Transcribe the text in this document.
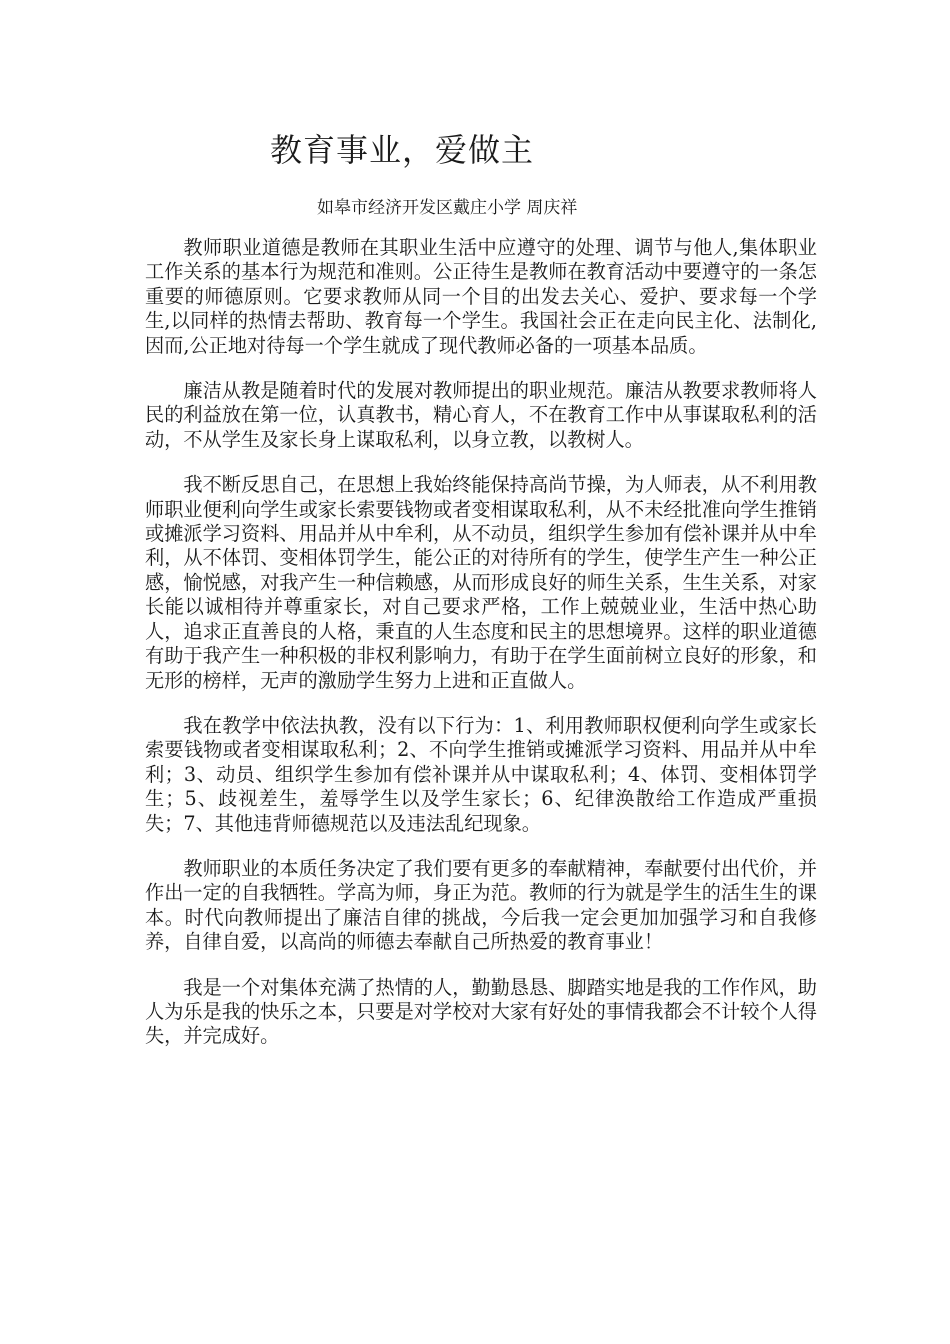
教育事业，爱做主

如皋市经济开发区戴庄小学 周庆祥

教师职业道德是教师在其职业生活中应遵守的处理、调节与他人,集体职业工作关系的基本行为规范和准则。公正待生是教师在教育活动中要遵守的一条怎重要的师德原则。它要求教师从同一个目的出发去关心、爱护、要求每一个学生,以同样的热情去帮助、教育每一个学生。我国社会正在走向民主化、法制化,因而,公正地对待每一个学生就成了现代教师必备的一项基本品质。

廉洁从教是随着时代的发展对教师提出的职业规范。廉洁从教要求教师将人民的利益放在第一位，认真教书，精心育人，不在教育工作中从事谋取私利的活动，不从学生及家长身上谋取私利，以身立教，以教树人。

我不断反思自己，在思想上我始终能保持高尚节操，为人师表，从不利用教师职业便利向学生或家长索要钱物或者变相谋取私利，从不未经批准向学生推销或摊派学习资料、用品并从中牟利，从不动员，组织学生参加有偿补课并从中牟利，从不体罚、变相体罚学生，能公正的对待所有的学生，使学生产生一种公正感，愉悦感，对我产生一种信赖感，从而形成良好的师生关系，生生关系，对家长能以诚相待并尊重家长，对自己要求严格，工作上兢兢业业，生活中热心助人，追求正直善良的人格，秉直的人生态度和民主的思想境界。这样的职业道德有助于我产生一种积极的非权利影响力，有助于在学生面前树立良好的形象，和无形的榜样，无声的激励学生努力上进和正直做人。

我在教学中依法执教，没有以下行为：1、利用教师职权便利向学生或家长索要钱物或者变相谋取私利；2、不向学生推销或摊派学习资料、用品并从中牟利；3、动员、组织学生参加有偿补课并从中谋取私利；4、体罚、变相体罚学生；5、歧视差生，羞辱学生以及学生家长；6、纪律涣散给工作造成严重损失；7、其他违背师德规范以及违法乱纪现象。

教师职业的本质任务决定了我们要有更多的奉献精神，奉献要付出代价，并作出一定的自我牺牲。学高为师，身正为范。教师的行为就是学生的活生生的课本。时代向教师提出了廉洁自律的挑战，今后我一定会更加加强学习和自我修养，自律自爱，以高尚的师德去奉献自己所热爱的教育事业！

我是一个对集体充满了热情的人，勤勤恳恳、脚踏实地是我的工作作风，助人为乐是我的快乐之本，只要是对学校对大家有好处的事情我都会不计较个人得失，并完成好。
